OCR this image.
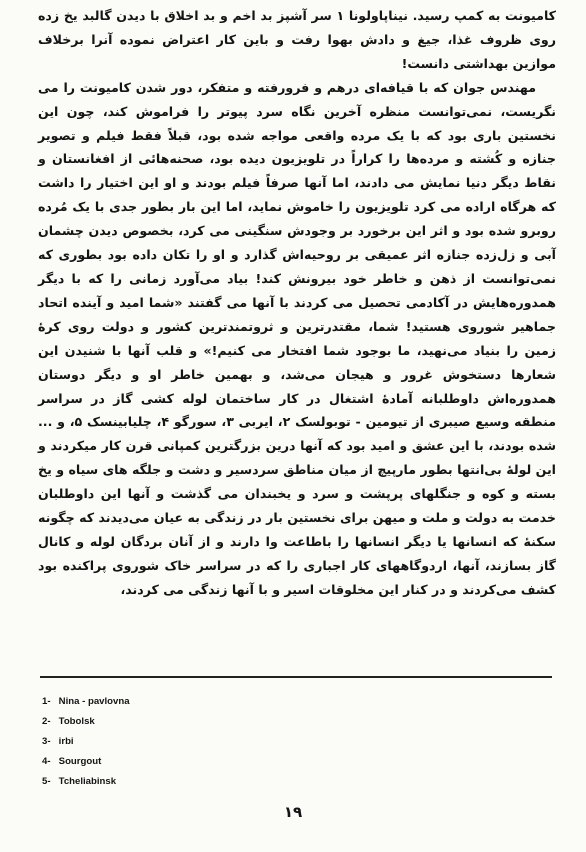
کامیونت به کمپ رسید. نیناپاولونا ۱ سر آشپز بد اخم و بد اخلاق با دیدن گالبد یخ زده روی ظروف غذا، جیغ و دادش بهوا رفت و باین کار اعتراض نموده آنرا برخلاف موازین بهداشتی دانست!

مهندس جوان که با قیافه‌ای درهم و فرورفته و متفکر، دور شدن کامیونت را می نگریست، نمی‌توانست منظره آخرین نگاه سرد پیوتر را فراموش کند، چون این نخستین باری بود که با یک مرده واقعی مواجه شده بود، قبلاً فقط فیلم و تصویر جنازه و کُشته و مرده‌ها را کراراً در تلویزیون دیده بود، صحنه‌هائی از افغانستان و نقاط دیگر دنیا نمایش می دادند، اما آنها صرفاً فیلم بودند و او این اختیار را داشت که هرگاه اراده می کرد تلویزیون را خاموش نماید، اما این بار بطور جدی با یک مُرده روبرو شده بود و اثر این برخورد بر وجودش سنگینی می کرد، بخصوص دیدن چشمان آبی و زل‌زده جنازه اثر عمیقی بر روحیه‌اش گذارد و او را تکان داده بود بطوری که نمی‌توانست از ذهن و خاطر خود بیرونش کند! بیاد می‌آورد زمانی را که با دیگر همدوره‌هایش در آکادمی تحصیل می کردند با آنها می گفتند «شما امید و آینده اتحاد جماهیر شوروی هستید! شما، مقتدرترین و ثروتمندترین کشور و دولت روی کرهٔ زمین را بنیاد می‌نهید، ما بوجود شما افتخار می کنیم!» و قلب آنها با شنیدن این شعارها دستخوش غرور و هیجان می‌شد، و بهمین خاطر او و دیگر دوستان همدوره‌اش داوطلبانه آمادهٔ اشتغال در کار ساختمان لوله کشی گاز در سراسر منطقه وسیع صیبری از تیومین - توبولسک ۲، ایربی ۳، سورگو ۴، چلیابینسک ۵، و ... شده بودند، با این عشق و امید بود که آنها درین بزرگترین کمپانی قرن کار میکردند و این لولهٔ بی‌انتها بطور مارپیچ از میان مناطق سردسیر و دشت و جلگه های سیاه و یخ بسته و کوه و جنگلهای پرپشت و سرد و یخبندان می گذشت و آنها این داوطلبان خدمت به دولت و ملت و میهن برای نخستین بار در زندگی به عیان می‌دیدند که چگونه سکنهٔ که انسانها یا دیگر انسانها را باطاعت وا دارند و از آنان بردگان لوله و کانال گاز بسازند، آنها، اردوگاههای کار اجباری را که در سراسر خاک شوروی پراکنده بود کشف می‌کردند و در کنار این مخلوقات اسیر و با آنها زندگی می کردند،

1- Nina - pavlovna
2- Tobolsk
3- irbi
4- Sourgout
5- Tcheliabinsk
۱۹
